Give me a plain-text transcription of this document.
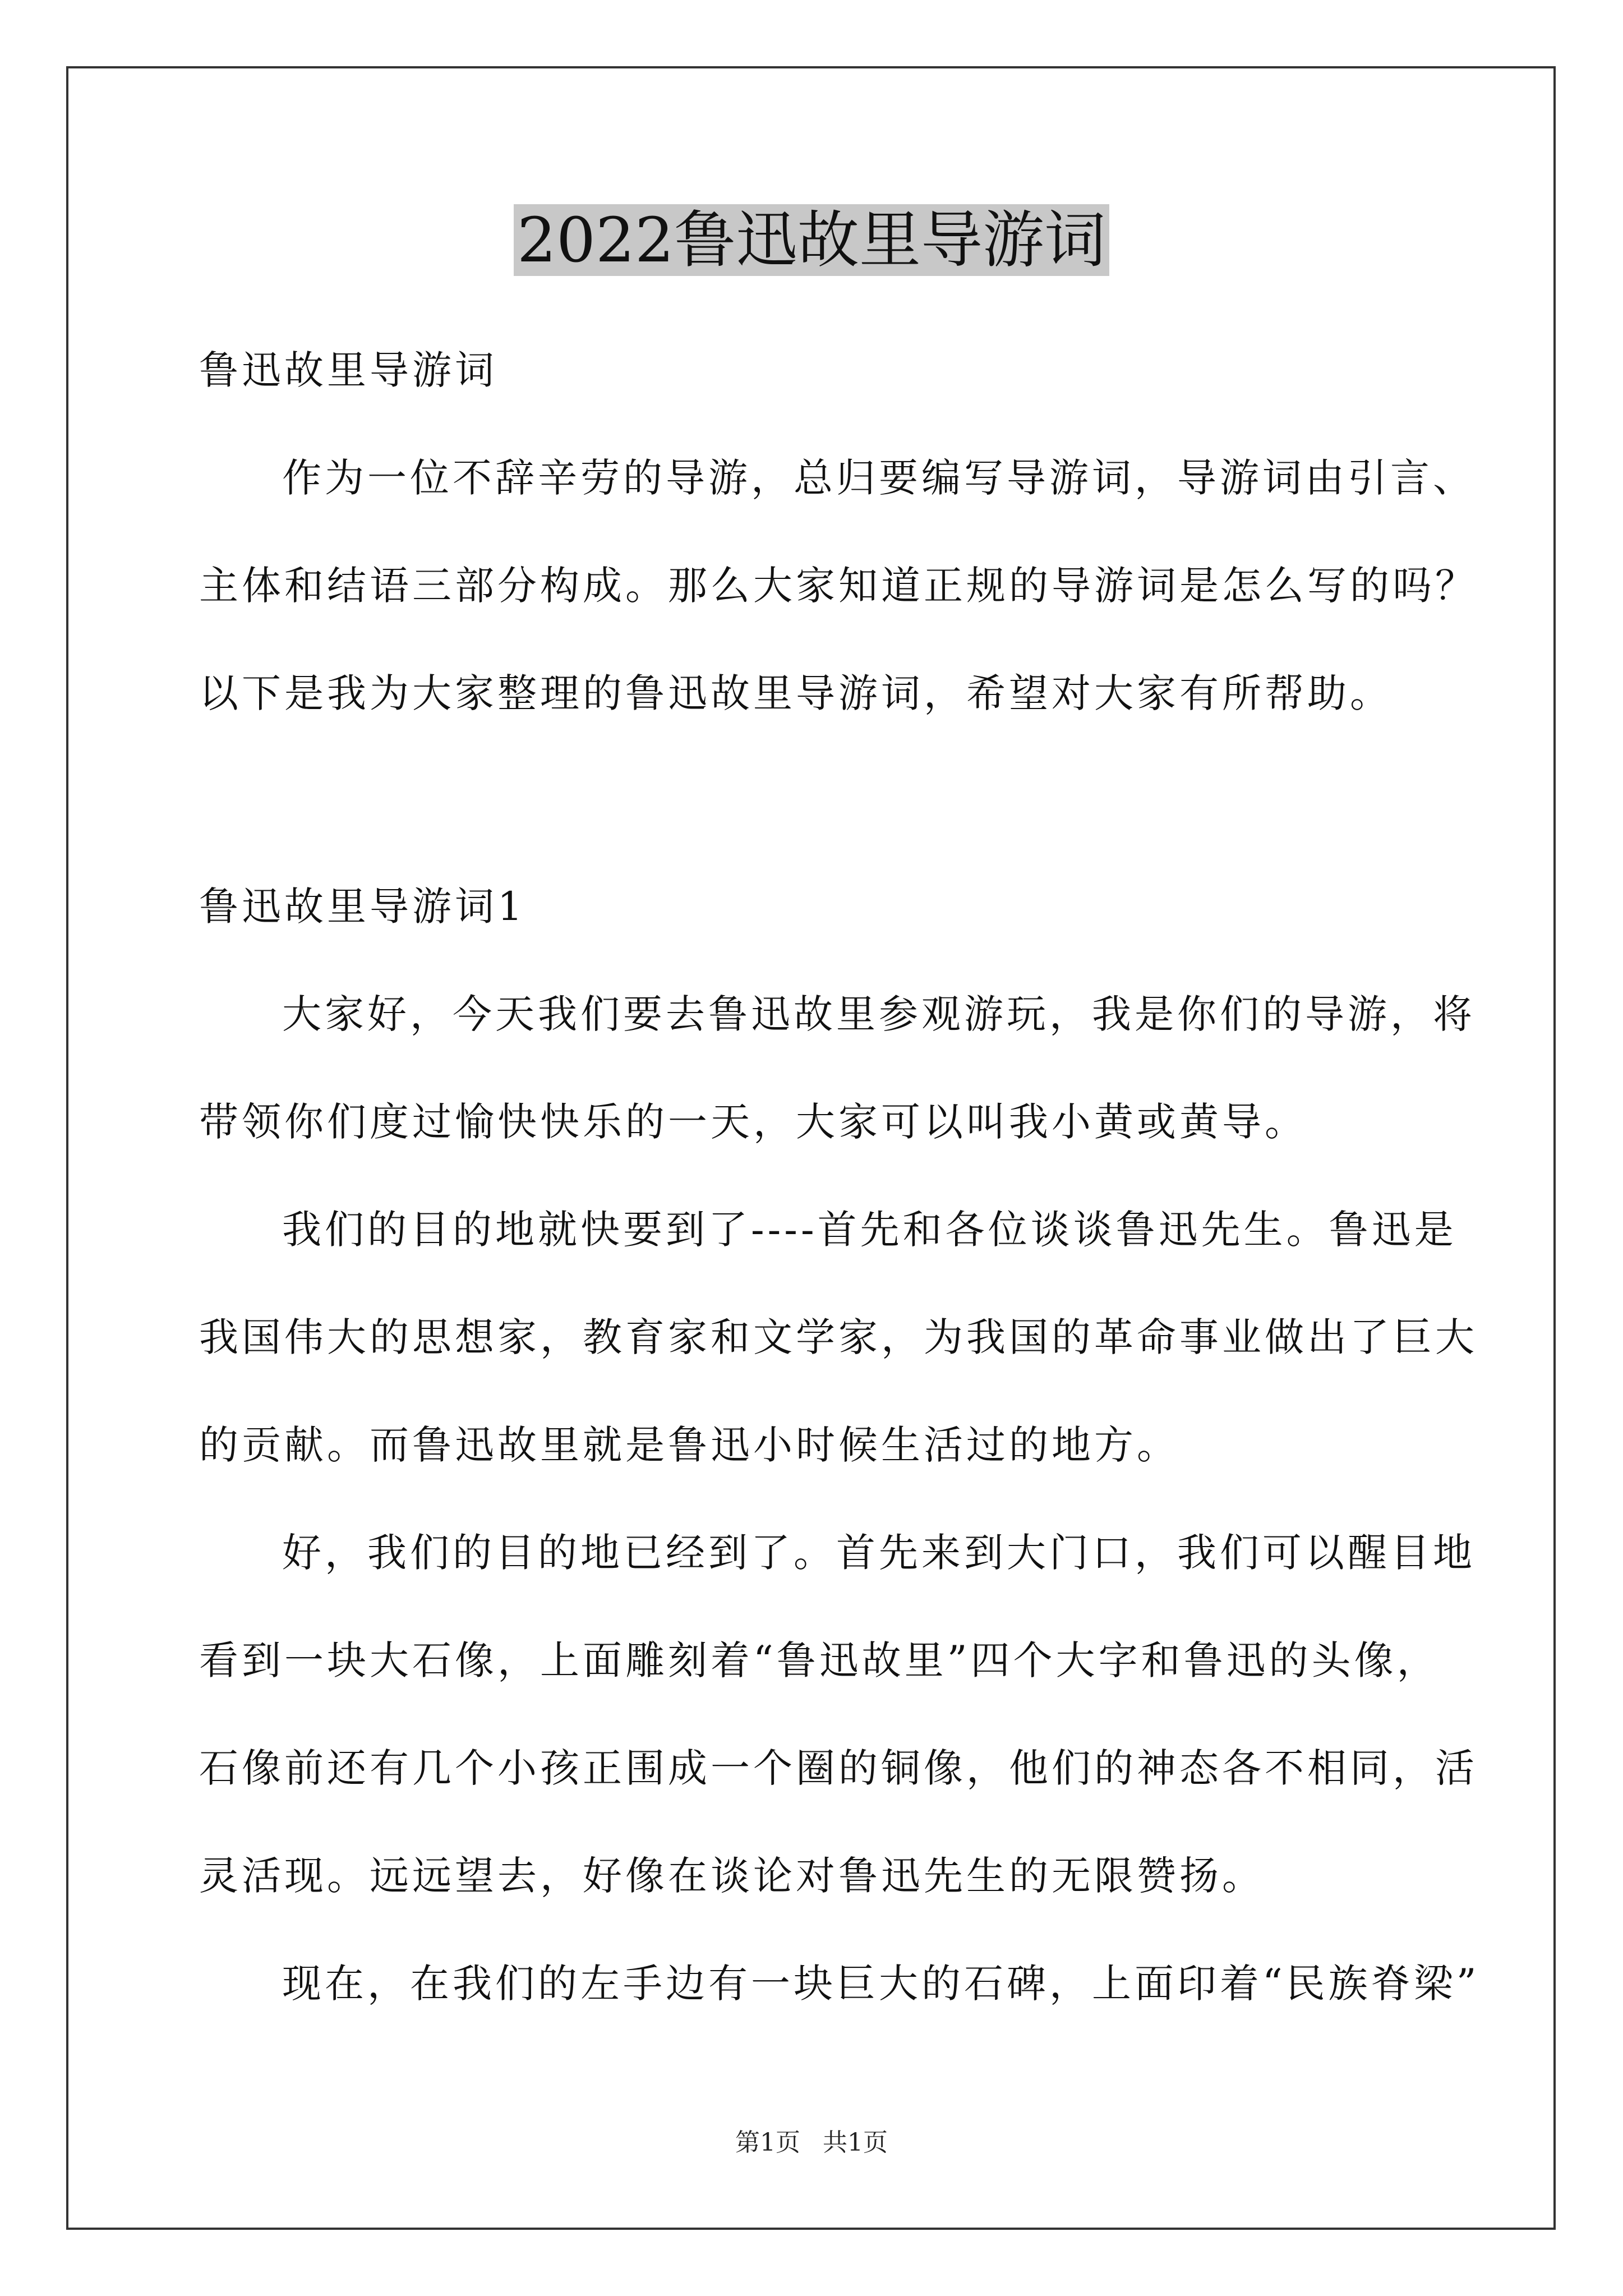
2022鲁迅故里导游词
鲁迅故里导游词
作为一位不辞辛劳的导游，总归要编写导游词，导游词由引言、
主体和结语三部分构成。那么大家知道正规的导游词是怎么写的吗？
以下是我为大家整理的鲁迅故里导游词，希望对大家有所帮助。
鲁迅故里导游词1
大家好，今天我们要去鲁迅故里参观游玩，我是你们的导游，将
带领你们度过愉快快乐的一天，大家可以叫我小黄或黄导。
我们的目的地就快要到了----首先和各位谈谈鲁迅先生。鲁迅是
我国伟大的思想家，教育家和文学家，为我国的革命事业做出了巨大
的贡献。而鲁迅故里就是鲁迅小时候生活过的地方。
好，我们的目的地已经到了。首先来到大门口，我们可以醒目地
看到一块大石像，上面雕刻着“鲁迅故里”四个大字和鲁迅的头像，
石像前还有几个小孩正围成一个圈的铜像，他们的神态各不相同，活
灵活现。远远望去，好像在谈论对鲁迅先生的无限赞扬。
现在，在我们的左手边有一块巨大的石碑，上面印着“民族脊梁”
第1页 共1页
